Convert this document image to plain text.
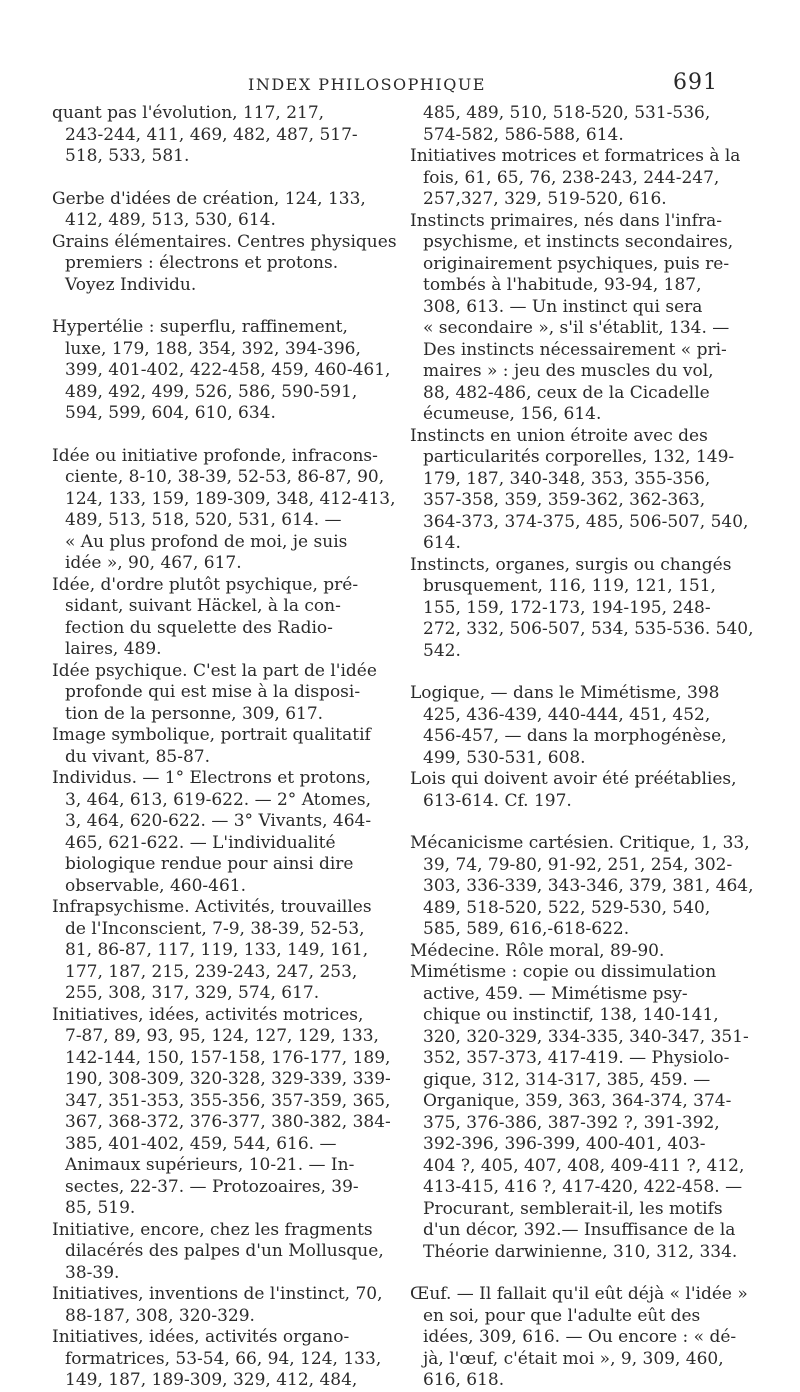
INDEX PHILOSOPHIQUE	691
quant pas l'évolution, 117, 217,
243-244, 411, 469, 482, 487, 517-
518, 533, 581.
Gerbe d'idées de création, 124, 133,
412, 489, 513, 530, 614.
Grains élémentaires. Centres physiques
premiers : électrons et protons.
Voyez Individu.
Hypertélie : superflu, raffinement,
luxe, 179, 188, 354, 392, 394-396,
399, 401-402, 422-458, 459, 460-461,
489, 492, 499, 526, 586, 590-591,
594, 599, 604, 610, 634.
Idée ou initiative profonde, infracons-
ciente, 8-10, 38-39, 52-53, 86-87, 90,
124, 133, 159, 189-309, 348, 412-413,
489, 513, 518, 520, 531, 614. —
« Au plus profond de moi, je suis
idée », 90, 467, 617.
Idée, d'ordre plutôt psychique, pré-
sidant, suivant Häckel, à la con-
fection du squelette des Radio-
laires, 489.
Idée psychique. C'est la part de l'idée
profonde qui est mise à la disposi-
tion de la personne, 309, 617.
Image symbolique, portrait qualitatif
du vivant, 85-87.
Individus. — 1° Electrons et protons,
3, 464, 613, 619-622. — 2° Atomes,
3, 464, 620-622. — 3° Vivants, 464-
465, 621-622. — L'individualité
biologique rendue pour ainsi dire
observable, 460-461.
Infrapsychisme. Activités, trouvailles
de l'Inconscient, 7-9, 38-39, 52-53,
81, 86-87, 117, 119, 133, 149, 161,
177, 187, 215, 239-243, 247, 253,
255, 308, 317, 329, 574, 617.
Initiatives, idées, activités motrices,
7-87, 89, 93, 95, 124, 127, 129, 133,
142-144, 150, 157-158, 176-177, 189,
190, 308-309, 320-328, 329-339, 339-
347, 351-353, 355-356, 357-359, 365,
367, 368-372, 376-377, 380-382, 384-
385, 401-402, 459, 544, 616. —
Animaux supérieurs, 10-21. — In-
sectes, 22-37. — Protozoaires, 39-
85, 519.
Initiative, encore, chez les fragments
dilacérés des palpes d'un Mollusque,
38-39.
Initiatives, inventions de l'instinct, 70,
88-187, 308, 320-329.
Initiatives, idées, activités organo-
formatrices, 53-54, 66, 94, 124, 133,
149, 187, 189-309, 329, 412, 484,
485, 489, 510, 518-520, 531-536,
574-582, 586-588, 614.
Initiatives motrices et formatrices à la
fois, 61, 65, 76, 238-243, 244-247,
257,327, 329, 519-520, 616.
Instincts primaires, nés dans l'infra-
psychisme, et instincts secondaires,
originairement psychiques, puis re-
tombés à l'habitude, 93-94, 187,
308, 613. — Un instinct qui sera
« secondaire », s'il s'établit, 134. —
Des instincts nécessairement « pri-
maires » : jeu des muscles du vol,
88, 482-486, ceux de la Cicadelle
écumeuse, 156, 614.
Instincts en union étroite avec des
particularités corporelles, 132, 149-
179, 187, 340-348, 353, 355-356,
357-358, 359, 359-362, 362-363,
364-373, 374-375, 485, 506-507, 540,
614.
Instincts, organes, surgis ou changés
brusquement, 116, 119, 121, 151,
155, 159, 172-173, 194-195, 248-
272, 332, 506-507, 534, 535-536. 540,
542.
Logique, — dans le Mimétisme, 398
425, 436-439, 440-444, 451, 452,
456-457, — dans la morphogénèse,
499, 530-531, 608.
Lois qui doivent avoir été préétablies,
613-614. Cf. 197.
Mécanicisme cartésien. Critique, 1, 33,
39, 74, 79-80, 91-92, 251, 254, 302-
303, 336-339, 343-346, 379, 381, 464,
489, 518-520, 522, 529-530, 540,
585, 589, 616,-618-622.
Médecine. Rôle moral, 89-90.
Mimétisme : copie ou dissimulation
active, 459. — Mimétisme psy-
chique ou instinctif, 138, 140-141,
320, 320-329, 334-335, 340-347, 351-
352, 357-373, 417-419. — Physiolo-
gique, 312, 314-317, 385, 459. —
Organique, 359, 363, 364-374, 374-
375, 376-386, 387-392 ?, 391-392,
392-396, 396-399, 400-401, 403-
404 ?, 405, 407, 408, 409-411 ?, 412,
413-415, 416 ?, 417-420, 422-458. —
Procurant, semblerait-il, les motifs
d'un décor, 392.— Insuffisance de la
Théorie darwinienne, 310, 312, 334.
Œuf. — Il fallait qu'il eût déjà « l'idée »
en soi, pour que l'adulte eût des
idées, 309, 616. — Ou encore : « dé-
jà, l'œuf, c'était moi », 9, 309, 460,
616, 618.
